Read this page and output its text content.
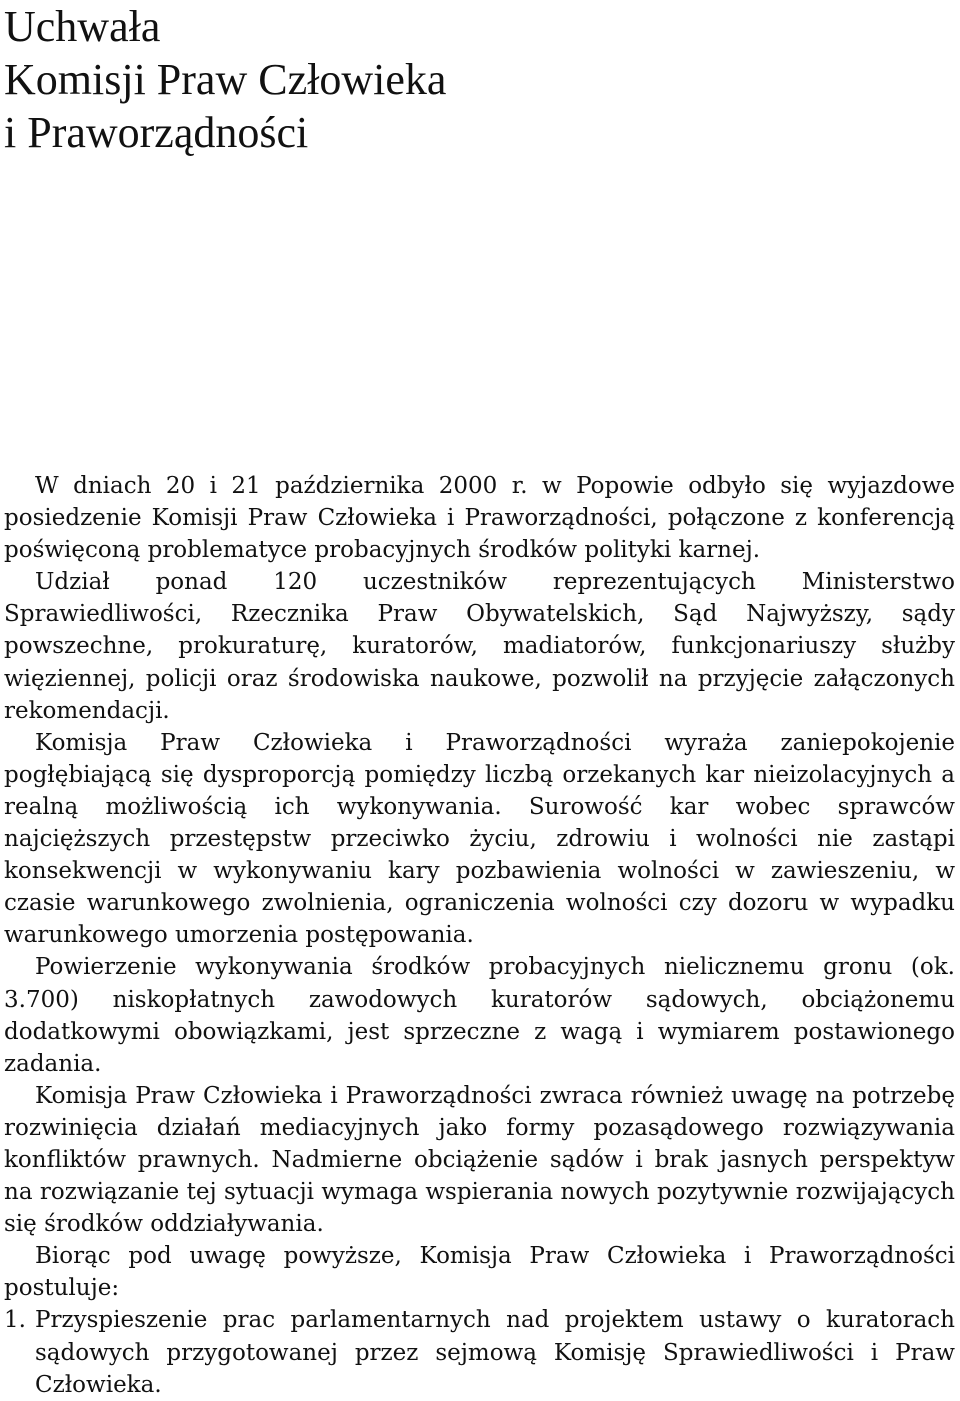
Uchwała
Komisji Praw Człowieka
i Praworządności

W dniach 20 i 21 października 2000 r. w Popowie odbyło się wyjazdowe posiedzenie Komisji Praw Człowieka i Praworządności, połączone z konferencją poświęconą problematyce probacyjnych środków polityki karnej.

Udział ponad 120 uczestników reprezentujących Ministerstwo Sprawiedliwości, Rzecznika Praw Obywatelskich, Sąd Najwyższy, sądy powszechne, prokuraturę, kuratorów, madiatorów, funkcjonariuszy służby więziennej, policji oraz środowiska naukowe, pozwolił na przyjęcie załączonych rekomendacji.

Komisja Praw Człowieka i Praworządności wyraża zaniepokojenie pogłębiającą się dysproporcją pomiędzy liczbą orzekanych kar nieizolacyjnych a realną możliwością ich wykonywania. Surowość kar wobec sprawców najcięższych przestępstw przeciwko życiu, zdrowiu i wolności nie zastąpi konsekwencji w wykonywaniu kary pozbawienia wolności w zawieszeniu, w czasie warunkowego zwolnienia, ograniczenia wolności czy dozoru w wypadku warunkowego umorzenia postępowania.

Powierzenie wykonywania środków probacyjnych nielicznemu gronu (ok. 3.700) niskopłatnych zawodowych kuratorów sądowych, obciążonemu dodatkowymi obowiązkami, jest sprzeczne z wagą i wymiarem postawionego zadania.

Komisja Praw Człowieka i Praworządności zwraca również uwagę na potrzebę rozwinięcia działań mediacyjnych jako formy pozasądowego rozwiązywania konfliktów prawnych. Nadmierne obciążenie sądów i brak jasnych perspektyw na rozwiązanie tej sytuacji wymaga wspierania nowych pozytywnie rozwijających się środków oddziaływania.

Biorąc pod uwagę powyższe, Komisja Praw Człowieka i Praworządności postuluje:

1. Przyspieszenie prac parlamentarnych nad projektem ustawy o kuratorach sądowych przygotowanej przez sejmową Komisję Sprawiedliwości i Praw Człowieka.
